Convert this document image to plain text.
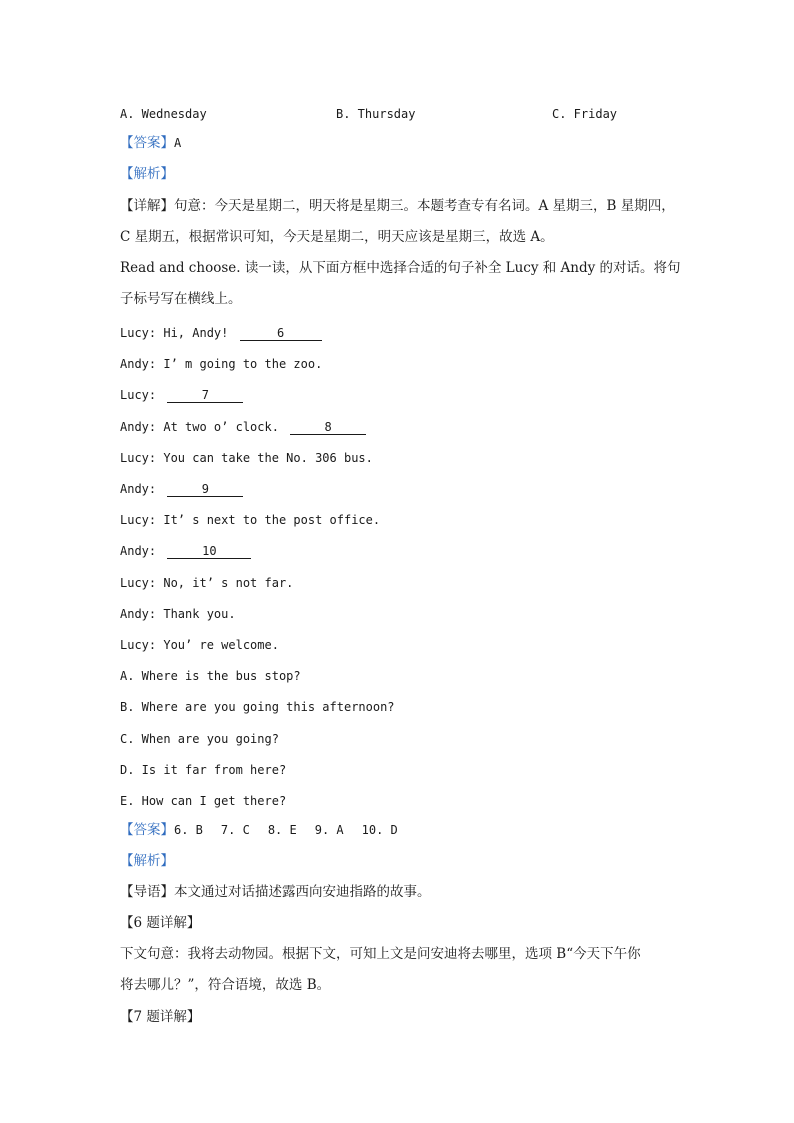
A. Wednesday	B. Thursday	C. Friday
【答案】A
【解析】
【详解】句意：今天是星期二，明天将是星期三。本题考查专有名词。A 星期三，B 星期四，
C 星期五，根据常识可知，今天是星期二，明天应该是星期三，故选 A。
Read and choose. 读一读，从下面方框中选择合适的句子补全 Lucy 和 Andy 的对话。将句
子标号写在横线上。
Lucy: Hi, Andy!	6
Andy: I’ m going to the zoo.
Lucy:	7
Andy: At two o’ clock.	8
Lucy: You can take the No. 306 bus.
Andy:	9
Lucy: It’ s next to the post office.
Andy:	10
Lucy: No, it’ s not far.
Andy: Thank you.
Lucy: You’ re welcome.
A. Where is the bus stop?
B. Where are you going this afternoon?
C. When are you going?
D. Is it far from here?
E. How can I get there?
【答案】6. B 7. C 8. E 9. A 10. D
【解析】
【导语】本文通过对话描述露西向安迪指路的故事。
【6 题详解】
下文句意：我将去动物园。根据下文，可知上文是问安迪将去哪里，选项 B“今天下午你
将去哪儿？”，符合语境，故选 B。
【7 题详解】
